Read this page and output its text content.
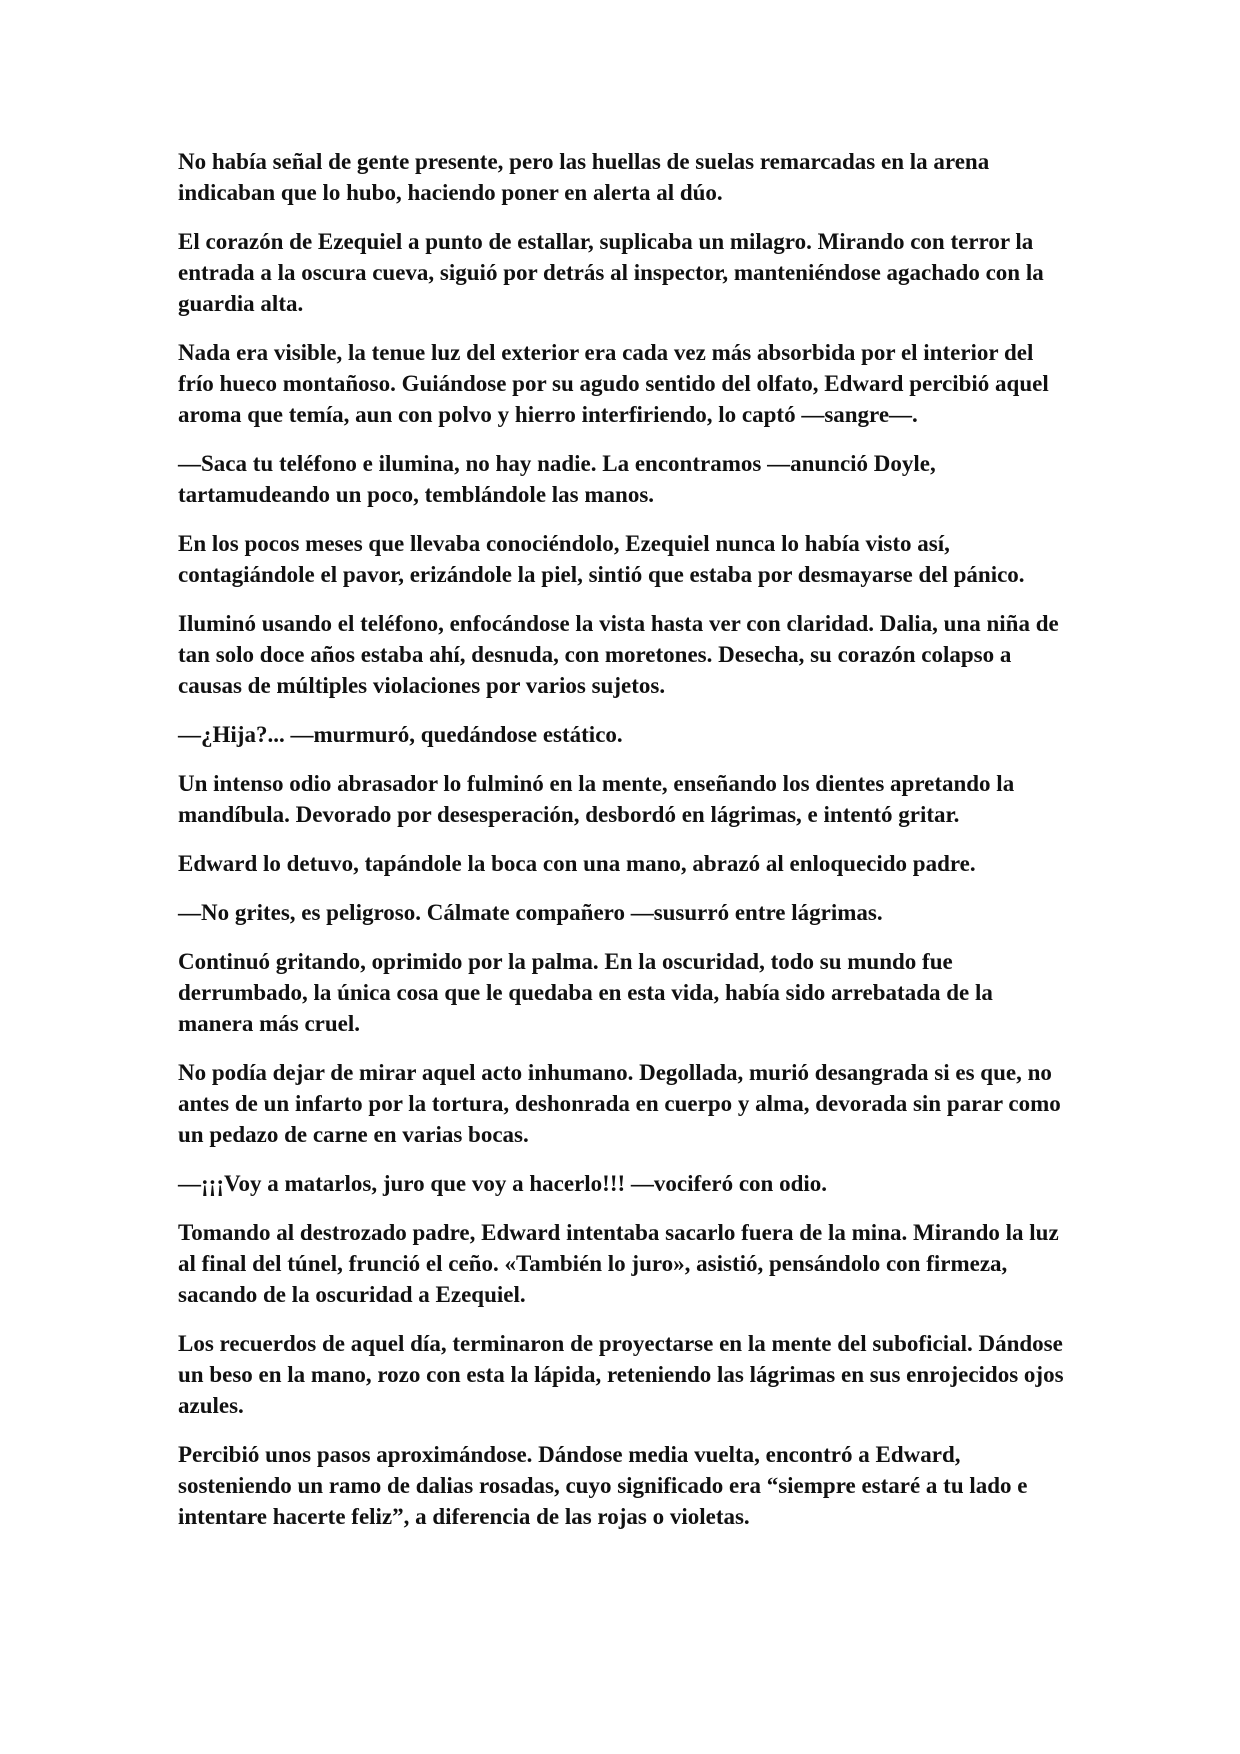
No había señal de gente presente, pero las huellas de suelas remarcadas en la arena indicaban que lo hubo, haciendo poner en alerta al dúo.

El corazón de Ezequiel a punto de estallar, suplicaba un milagro. Mirando con terror la entrada a la oscura cueva, siguió por detrás al inspector, manteniéndose agachado con la guardia alta.

Nada era visible, la tenue luz del exterior era cada vez más absorbida por el interior del frío hueco montañoso. Guiándose por su agudo sentido del olfato, Edward percibió aquel aroma que temía, aun con polvo y hierro interfiriendo, lo captó —sangre—.

—Saca tu teléfono e ilumina, no hay nadie. La encontramos —anunció Doyle, tartamudeando un poco, temblándole las manos.

En los pocos meses que llevaba conociéndolo, Ezequiel nunca lo había visto así, contagiándole el pavor, erizándole la piel, sintió que estaba por desmayarse del pánico.

Iluminó usando el teléfono, enfocándose la vista hasta ver con claridad. Dalia, una niña de tan solo doce años estaba ahí, desnuda, con moretones. Desecha, su corazón colapso a causas de múltiples violaciones por varios sujetos.

—¿Hija?... —murmuró, quedándose estático.

Un intenso odio abrasador lo fulminó en la mente, enseñando los dientes apretando la mandíbula. Devorado por desesperación, desbordó en lágrimas, e intentó gritar.

Edward lo detuvo, tapándole la boca con una mano, abrazó al enloquecido padre.

—No grites, es peligroso. Cálmate compañero —susurró entre lágrimas.

Continuó gritando, oprimido por la palma. En la oscuridad, todo su mundo fue derrumbado, la única cosa que le quedaba en esta vida, había sido arrebatada de la manera más cruel.

No podía dejar de mirar aquel acto inhumano. Degollada, murió desangrada si es que, no antes de un infarto por la tortura, deshonrada en cuerpo y alma, devorada sin parar como un pedazo de carne en varias bocas.

—¡¡¡Voy a matarlos, juro que voy a hacerlo!!! —vociferó con odio.

Tomando al destrozado padre, Edward intentaba sacarlo fuera de la mina. Mirando la luz al final del túnel, frunció el ceño. «También lo juro», asistió, pensándolo con firmeza, sacando de la oscuridad a Ezequiel.

Los recuerdos de aquel día, terminaron de proyectarse en la mente del suboficial. Dándose un beso en la mano, rozo con esta la lápida, reteniendo las lágrimas en sus enrojecidos ojos azules.

Percibió unos pasos aproximándose. Dándose media vuelta, encontró a Edward, sosteniendo un ramo de dalias rosadas, cuyo significado era “siempre estaré a tu lado e intentare hacerte feliz”, a diferencia de las rojas o violetas.
